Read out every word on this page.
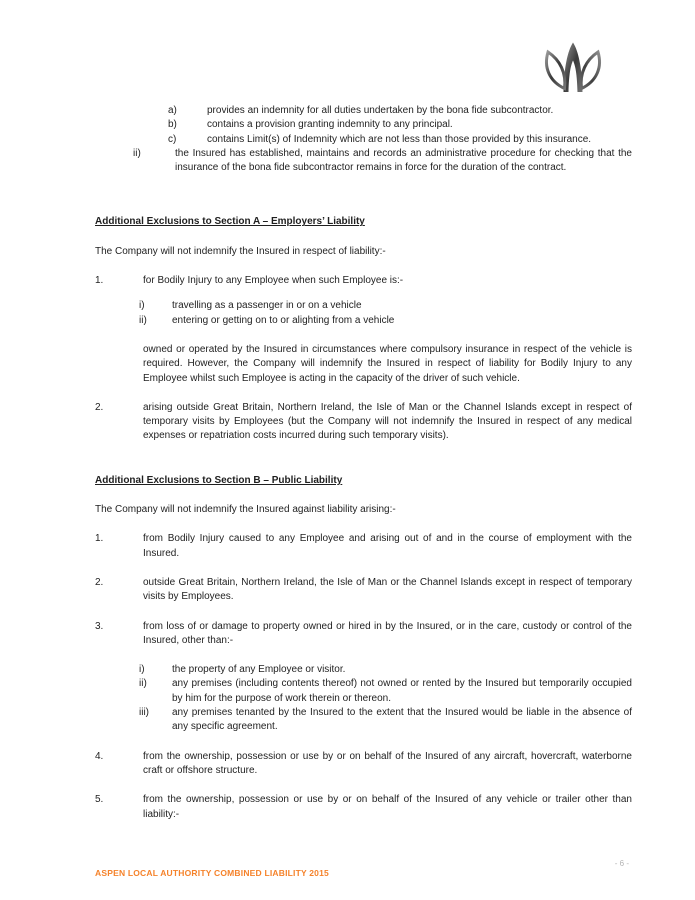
a)	provides an indemnity for all duties undertaken by the bona fide subcontractor.
b)	contains a provision granting indemnity to any principal.
c)	contains Limit(s) of Indemnity which are not less than those provided by this insurance.
ii)	the Insured has established, maintains and records an administrative procedure for checking that the insurance of the bona fide subcontractor remains in force for the duration of the contract.
Additional Exclusions to Section A – Employers’ Liability

The Company will not indemnify the Insured in respect of liability:-

1.	for Bodily Injury to any Employee when such Employee is:-
i)	travelling as a passenger in or on a vehicle
ii)	entering or getting on to or alighting from a vehicle

owned or operated by the Insured in circumstances where compulsory insurance in respect of the vehicle is required. However, the Company will indemnify the Insured in respect of liability for Bodily Injury to any Employee whilst such Employee is acting in the capacity of the driver of such vehicle.

2.	arising outside Great Britain, Northern Ireland, the Isle of Man or the Channel Islands except in respect of temporary visits by Employees (but the Company will not indemnify the Insured in respect of any medical expenses or repatriation costs incurred during such temporary visits).
Additional Exclusions to Section B – Public Liability

The Company will not indemnify the Insured against liability arising:-

1.	from Bodily Injury caused to any Employee and arising out of and in the course of employment with the Insured.
2.	outside Great Britain, Northern Ireland, the Isle of Man or the Channel Islands except in respect of temporary visits by Employees.
3.	from loss of or damage to property owned or hired in by the Insured, or in the care, custody or control of the Insured, other than:-
i)	the property of any Employee or visitor.
ii)	any premises (including contents thereof) not owned or rented by the Insured but temporarily occupied by him for the purpose of work therein or thereon.
iii)	any premises tenanted by the Insured to the extent that the Insured would be liable in the absence of any specific agreement.
4.	from the ownership, possession or use by or on behalf of the Insured of any aircraft, hovercraft, waterborne craft or offshore structure.
5.	from the ownership, possession or use by or on behalf of the Insured of any vehicle or trailer other than liability:-
ASPEN LOCAL AUTHORITY COMBINED LIABILITY 2015
- 6 -
